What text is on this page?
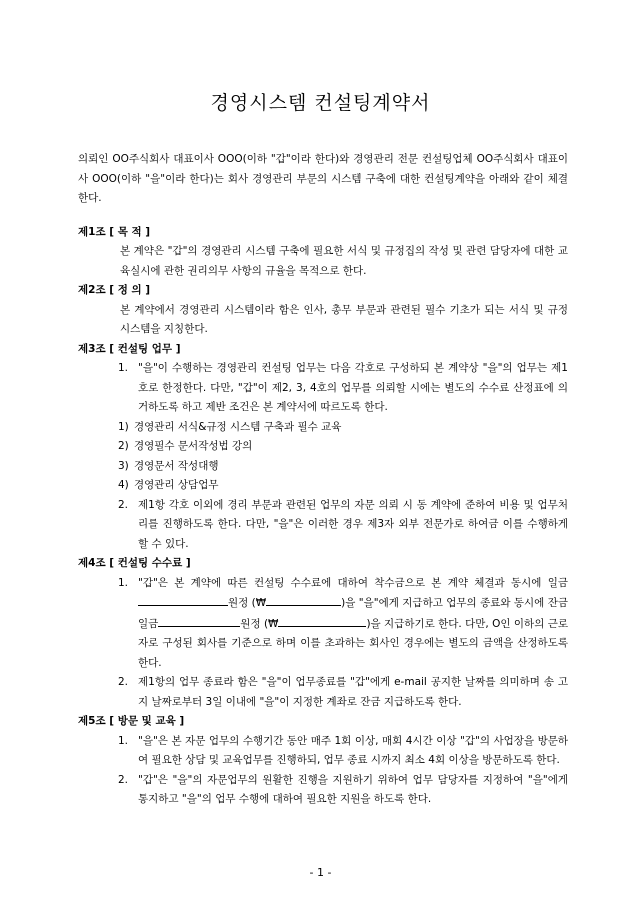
경영시스템 컨설팅계약서

의뢰인 OO주식회사 대표이사 OOO(이하 "갑"이라 한다)와 경영관리 전문 컨설팅업체 OO주식회사 대표이사 OOO(이하 "을"이라 한다)는 회사 경영관리 부문의 시스템 구축에 대한 컨설팅계약을 아래와 같이 체결한다.

제1조 [ 목 적 ]

본 계약은 "갑"의 경영관리 시스템 구축에 필요한 서식 및 규정집의 작성 및 관련 담당자에 대한 교육실시에 관한 권리의무 사항의 규율을 목적으로 한다.

제2조 [ 정 의 ]

본 계약에서 경영관리 시스템이라 함은 인사, 총무 부문과 관련된 필수 기초가 되는 서식 및 규정 시스템을 지칭한다.

제3조 [ 컨설팅 업무 ]

1. "을"이 수행하는 경영관리 컨설팅 업무는 다음 각호로 구성하되 본 계약상 "을"의 업무는 제1호로 한정한다. 다만, "갑"이 제2, 3, 4호의 업무를 의뢰할 시에는 별도의 수수료 산정표에 의거하도록 하고 제반 조건은 본 계약서에 따르도록 한다.
1) 경영관리 서식&규정 시스템 구축과 필수 교육
2) 경영필수 문서작성법 강의
3) 경영문서 작성대행
4) 경영관리 상담업무
2. 제1항 각호 이외에 경리 부문과 관련된 업무의 자문 의뢰 시 동 계약에 준하여 비용 및 업무처리를 진행하도록 한다. 다만, "을"은 이러한 경우 제3자 외부 전문가로 하여금 이를 수행하게 할 수 있다.

제4조 [ 컨설팅 수수료 ]

1. "갑"은 본 계약에 따른 컨설팅 수수료에 대하여 착수금으로 본 계약 체결과 동시에 일금원정 (₩	)을 "을"에게 지급하고 업무의 종료와 동시에 잔금 일금	원정 (₩	)을 지급하기로 한다. 다만, O인 이하의 근로자로 구성된 회사를 기준으로 하며 이를 초과하는 회사인 경우에는 별도의 금액을 산정하도록 한다.
2. 제1항의 업무 종료라 함은 "을"이 업무종료를 "갑"에게 e-mail 공지한 날짜를 의미하며 송 고지 날짜로부터 3일 이내에 "을"이 지정한 계좌로 잔금 지급하도록 한다.

제5조 [ 방문 및 교육 ]

1. "을"은 본 자문 업무의 수행기간 동안 매주 1회 이상, 매회 4시간 이상 "갑"의 사업장을 방문하여 필요한 상담 및 교육업무를 진행하되, 업무 종료 시까지 최소 4회 이상을 방문하도록 한다.
2. "갑"은 "을"의 자문업무의 원활한 진행을 지원하기 위하여 업무 담당자를 지정하여 "을"에게 통지하고 "을"의 업무 수행에 대하여 필요한 지원을 하도록 한다.
- 1 -
